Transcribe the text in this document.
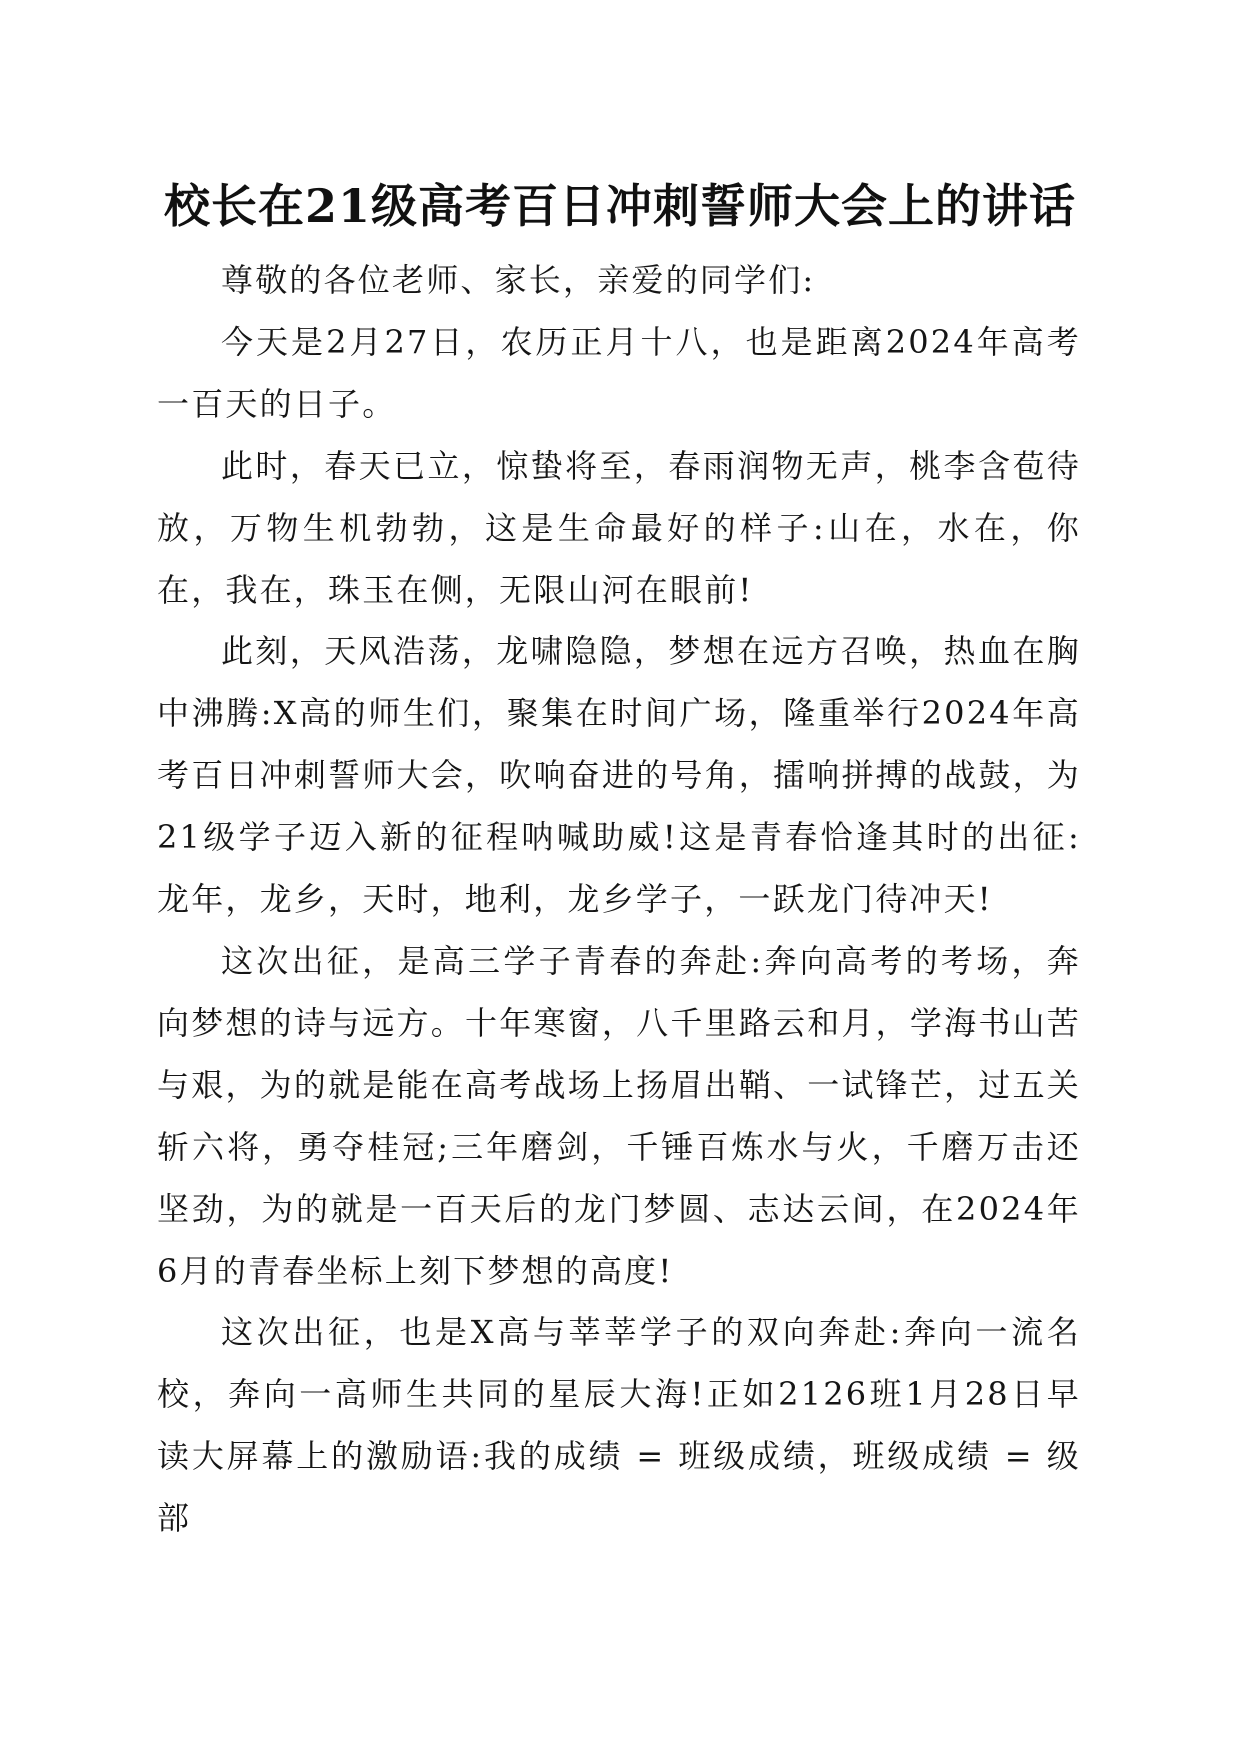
校长在21级高考百日冲刺誓师大会上的讲话

尊敬的各位老师、家长，亲爱的同学们:

今天是2月27日，农历正月十八，也是距离2024年高考一百天的日子。

此时，春天已立，惊蛰将至，春雨润物无声，桃李含苞待放，万物生机勃勃，这是生命最好的样子:山在，水在，你在，我在，珠玉在侧，无限山河在眼前!

此刻，天风浩荡，龙啸隐隐，梦想在远方召唤，热血在胸中沸腾:X高的师生们，聚集在时间广场，隆重举行2024年高考百日冲刺誓师大会，吹响奋进的号角，擂响拼搏的战鼓，为21级学子迈入新的征程呐喊助威!这是青春恰逢其时的出征:龙年，龙乡，天时，地利，龙乡学子，一跃龙门待冲天!

这次出征，是高三学子青春的奔赴:奔向高考的考场，奔向梦想的诗与远方。十年寒窗，八千里路云和月，学海书山苦与艰，为的就是能在高考战场上扬眉出鞘、一试锋芒，过五关斩六将，勇夺桂冠;三年磨剑，千锤百炼水与火，千磨万击还坚劲，为的就是一百天后的龙门梦圆、志达云间，在2024年6月的青春坐标上刻下梦想的高度!

这次出征，也是X高与莘莘学子的双向奔赴:奔向一流名校，奔向一高师生共同的星辰大海!正如2126班1月28日早读大屏幕上的激励语:我的成绩 = 班级成绩，班级成绩 = 级部
